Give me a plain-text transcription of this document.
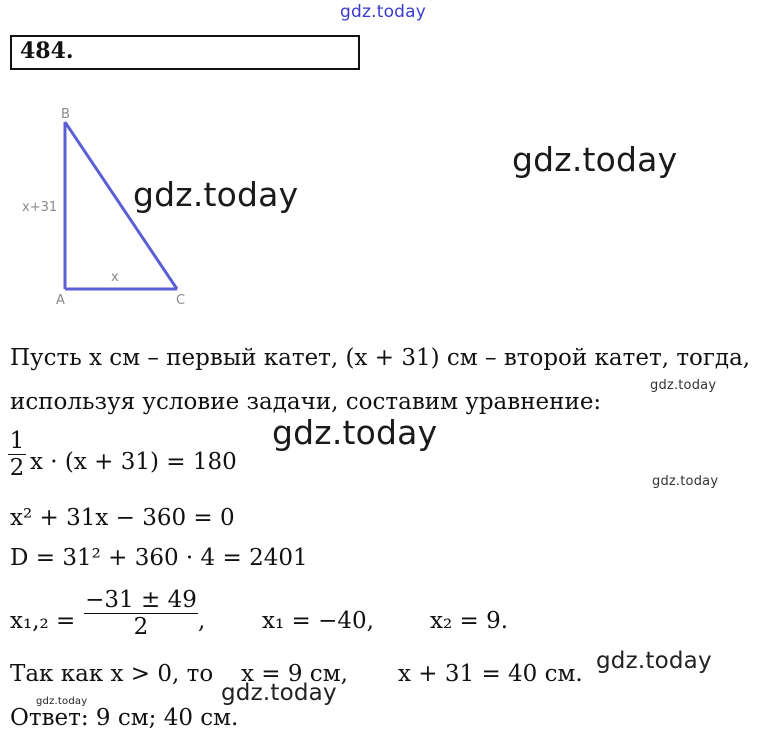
gdz.today
gdz.today
gdz.today
gdz.today
gdz.today
gdz.today
gdz.today
gdz.today
gdz.today
484.
B
A	C
x+31
x
Пусть x см – первый катет, (x + 31) см – второй катет, тогда,
используя условие задачи, составим уравнение:
$\frac{1}{2}$ x · (x + 31) = 180
x² + 31x − 360 = 0
D = 31² + 360 · 4 = 2401
$x_1,_2 = \frac{-31 \pm 49}{2}$ , x₁ = −40, x₂ = 9.
Так как x > 0, то x = 9 см, x + 31 = 40 см.
Ответ: 9 см; 40 см.
